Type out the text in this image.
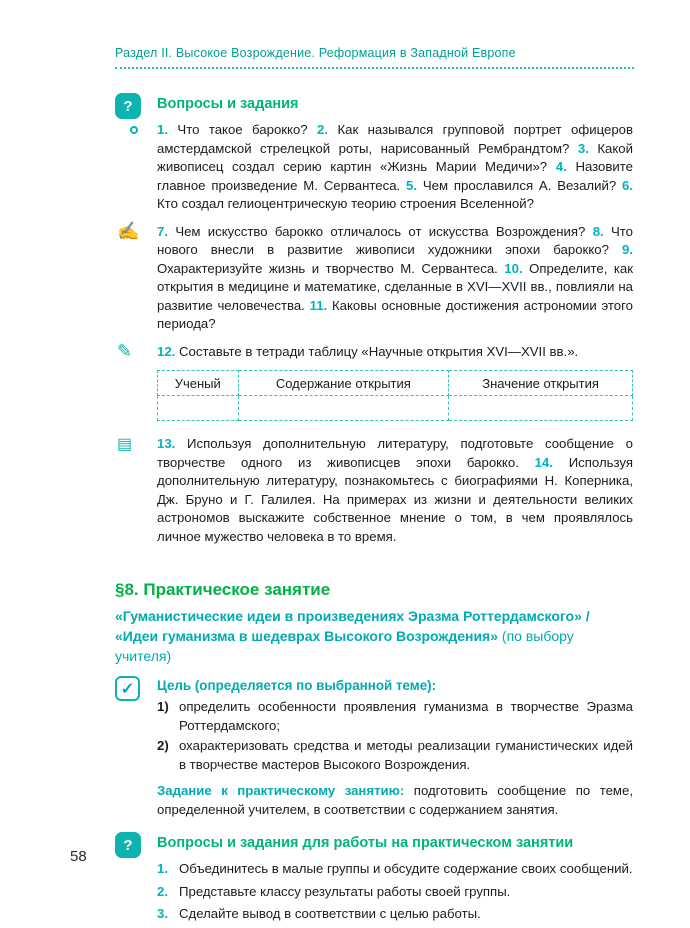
Раздел II. Высокое Возрождение. Реформация в Западной Европе
?	Вопросы и задания

1. Что такое барокко? 2. Как назывался групповой портрет офицеров амстердамской стрелецкой роты, нарисованный Рембрандтом? 3. Какой живописец создал серию картин «Жизнь Марии Медичи»? 4. Назовите главное произведение М. Сервантеса. 5. Чем прославился А. Везалий? 6. Кто создал гелиоцентрическую теорию строения Вселенной?

✍ 7. Чем искусство барокко отличалось от искусства Возрождения? 8. Что нового внесли в развитие живописи художники эпохи барокко? 9. Охарактеризуйте жизнь и творчество М. Сервантеса. 10. Определите, как открытия в медицине и математике, сделанные в XVI—XVII вв., повлияли на развитие человечества. 11. Каковы основные достижения астрономии этого периода?

✎ 12. Составьте в тетради таблицу «Научные открытия XVI—XVII вв.».

Ученый	Содержание открытия	Значение открытия

▤ 13. Используя дополнительную литературу, подготовьте сообщение о творчестве одного из живописцев эпохи барокко. 14. Используя дополнительную литературу, познакомьтесь с биографиями Н. Коперника, Дж. Бруно и Г. Галилея. На примерах из жизни и деятельности великих астрономов выскажите собственное мнение о том, в чем проявлялось личное мужество человека в то время.

§8. Практическое занятие
«Гуманистические идеи в произведениях Эразма Роттердамского» /
«Идеи гуманизма в шедеврах Высокого Возрождения» (по выбору учителя)
✓	Цель (определяется по выбранной теме):
1) определить особенности проявления гуманизма в творчестве Эразма Роттердамского;
2) охарактеризовать средства и методы реализации гуманистических идей в творчестве мастеров Высокого Возрождения.

Задание к практическому занятию: подготовить сообщение по теме, определенной учителем, в соответствии с содержанием занятия.

?	Вопросы и задания для работы на практическом занятии
1. Объединитесь в малые группы и обсудите содержание своих сообщений.
2. Представьте классу результаты работы своей группы.
3. Сделайте вывод в соответствии с целью работы.
58
